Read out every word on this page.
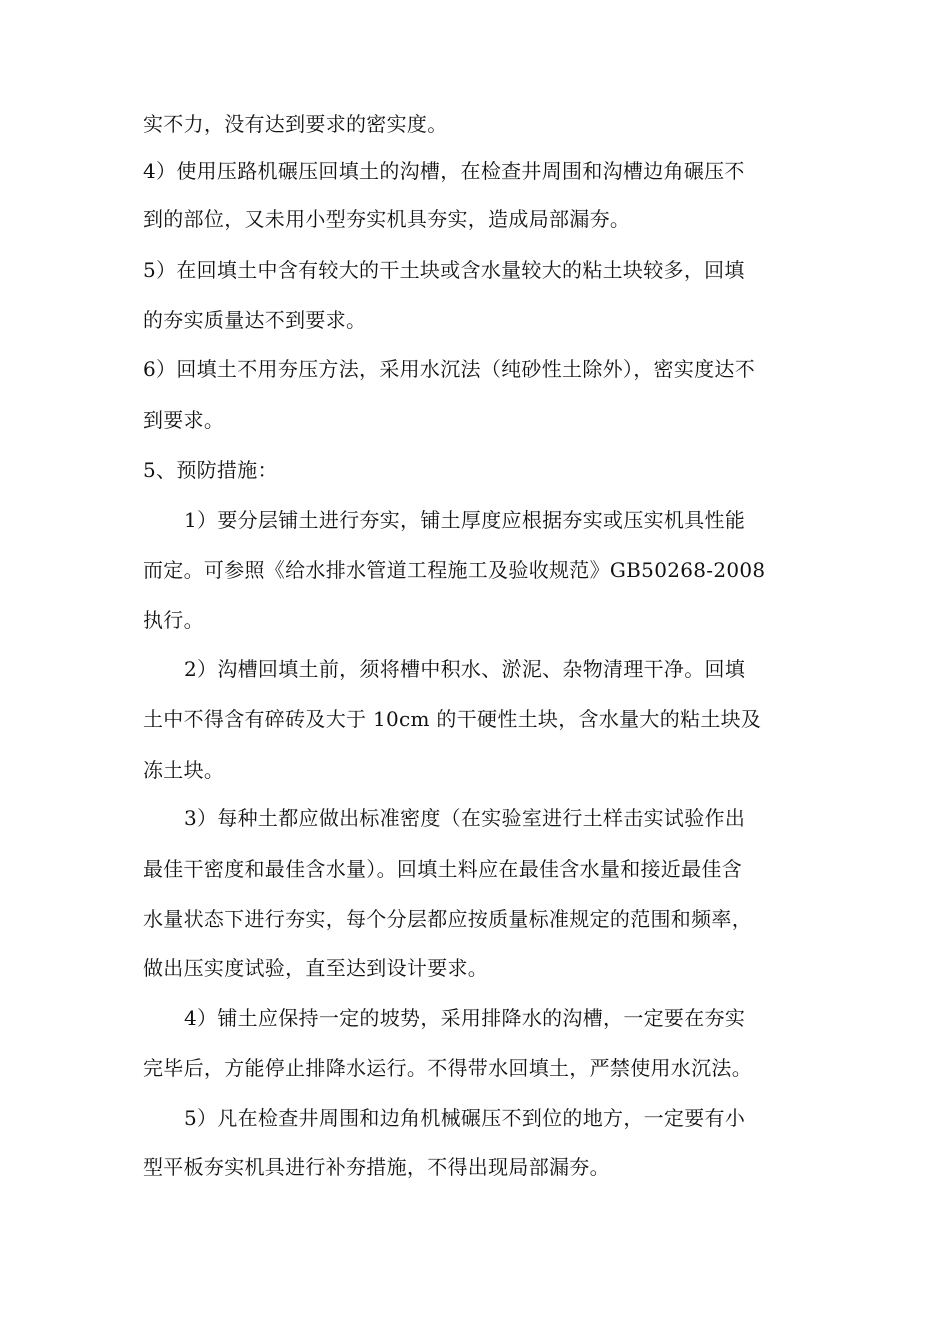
实不力，没有达到要求的密实度。
4）使用压路机碾压回填土的沟槽，在检查井周围和沟槽边角碾压不
到的部位，又未用小型夯实机具夯实，造成局部漏夯。
5）在回填土中含有较大的干土块或含水量较大的粘土块较多，回填
的夯实质量达不到要求。
6）回填土不用夯压方法，采用水沉法（纯砂性土除外），密实度达不
到要求。
5、预防措施：
1）要分层铺土进行夯实，铺土厚度应根据夯实或压实机具性能
而定。可参照《给水排水管道工程施工及验收规范》GB50268-2008
执行。
2）沟槽回填土前，须将槽中积水、淤泥、杂物清理干净。回填
土中不得含有碎砖及大于 10cm 的干硬性土块，含水量大的粘土块及
冻土块。
3）每种土都应做出标准密度（在实验室进行土样击实试验作出
最佳干密度和最佳含水量）。回填土料应在最佳含水量和接近最佳含
水量状态下进行夯实，每个分层都应按质量标准规定的范围和频率，
做出压实度试验，直至达到设计要求。
4）铺土应保持一定的坡势，采用排降水的沟槽，一定要在夯实
完毕后，方能停止排降水运行。不得带水回填土，严禁使用水沉法。
5）凡在检查井周围和边角机械碾压不到位的地方，一定要有小
型平板夯实机具进行补夯措施，不得出现局部漏夯。
